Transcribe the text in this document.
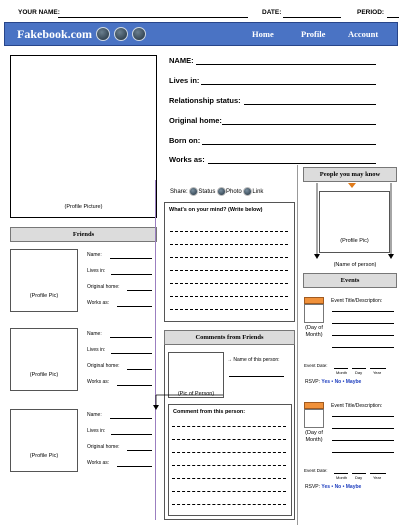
YOUR NAME:	DATE:	PERIOD:
Fakebook.com	Home	Profile	Account
(Profile Picture)
NAME:
Lives in:
Relationship status:
Original home:
Born on:
Works as:
Friends
(Profile Pic)
Name:
Lives in:
Original home:
Works as:
(Profile Pic)
Name:
Lives in:
Original home:
Works as:
(Profile Pic)
Name:
Lives in:
Original home:
Works as:
Share: Status Photo Link
What's on your mind? (Write below)
Comments from Friends
(Pic of Person)
→ Name of this person:
Comment from this person:
People you may know
(Profile Pic)
(Name of person)
Events
(Day of Month)
Event Title/Description:
Event Date:
Month Day	Year
RSVP: Yes • No • Maybe
(Day of Month)
Event Title/Description:
Event Date:
Month Day	Year
RSVP: Yes • No • Maybe
